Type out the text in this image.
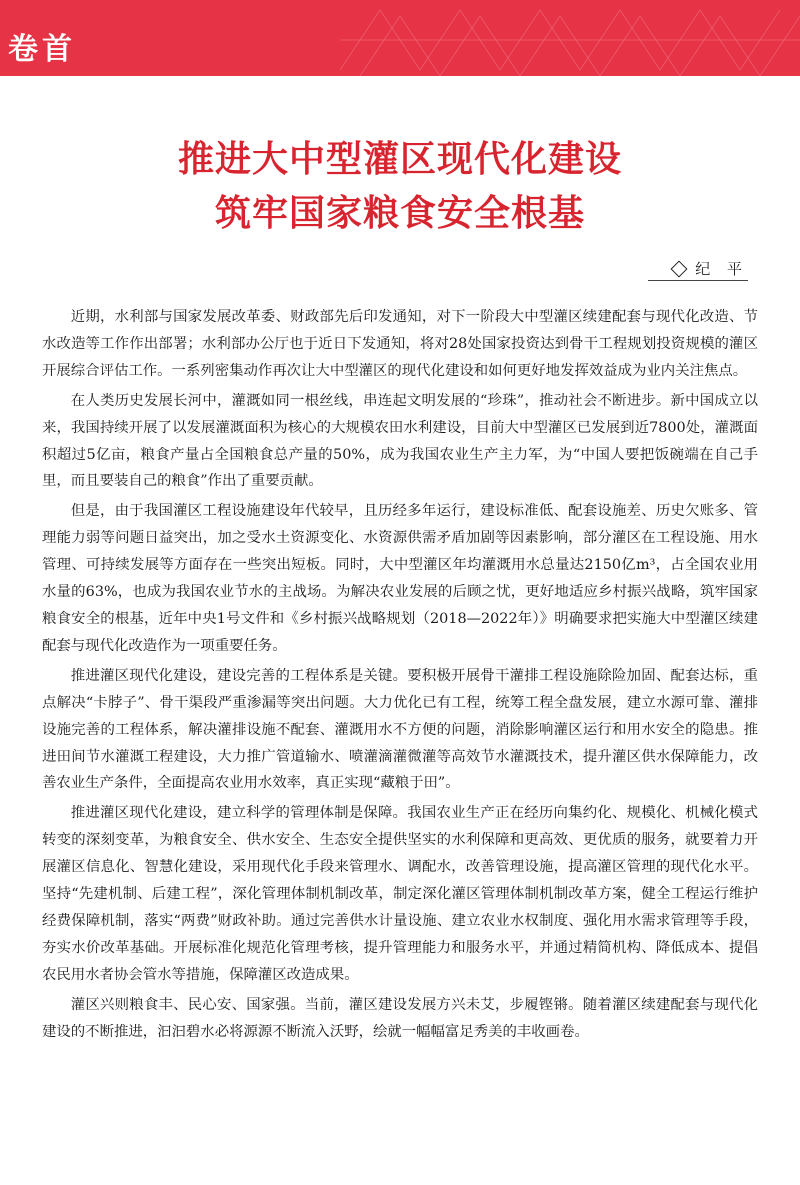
卷首
推进大中型灌区现代化建设
筑牢国家粮食安全根基
纪 平

近期，水利部与国家发展改革委、财政部先后印发通知，对下一阶段大中型灌区续建配套与现代化改造、节水改造等工作作出部署；水利部办公厅也于近日下发通知，将对28处国家投资达到骨干工程规划投资规模的灌区开展综合评估工作。一系列密集动作再次让大中型灌区的现代化建设和如何更好地发挥效益成为业内关注焦点。

在人类历史发展长河中，灌溉如同一根丝线，串连起文明发展的“珍珠”，推动社会不断进步。新中国成立以来，我国持续开展了以发展灌溉面积为核心的大规模农田水利建设，目前大中型灌区已发展到近7800处，灌溉面积超过5亿亩，粮食产量占全国粮食总产量的50%，成为我国农业生产主力军，为“中国人要把饭碗端在自己手里，而且要装自己的粮食”作出了重要贡献。

但是，由于我国灌区工程设施建设年代较早，且历经多年运行，建设标准低、配套设施差、历史欠账多、管理能力弱等问题日益突出，加之受水土资源变化、水资源供需矛盾加剧等因素影响，部分灌区在工程设施、用水管理、可持续发展等方面存在一些突出短板。同时，大中型灌区年均灌溉用水总量达2150亿m³，占全国农业用水量的63%，也成为我国农业节水的主战场。为解决农业发展的后顾之忧，更好地适应乡村振兴战略，筑牢国家粮食安全的根基，近年中央1号文件和《乡村振兴战略规划（2018—2022年）》明确要求把实施大中型灌区续建配套与现代化改造作为一项重要任务。

推进灌区现代化建设，建设完善的工程体系是关键。要积极开展骨干灌排工程设施除险加固、配套达标，重点解决“卡脖子”、骨干渠段严重渗漏等突出问题。大力优化已有工程，统筹工程全盘发展，建立水源可靠、灌排设施完善的工程体系，解决灌排设施不配套、灌溉用水不方便的问题，消除影响灌区运行和用水安全的隐患。推进田间节水灌溉工程建设，大力推广管道输水、喷灌滴灌微灌等高效节水灌溉技术，提升灌区供水保障能力，改善农业生产条件，全面提高农业用水效率，真正实现“藏粮于田”。

推进灌区现代化建设，建立科学的管理体制是保障。我国农业生产正在经历向集约化、规模化、机械化模式转变的深刻变革，为粮食安全、供水安全、生态安全提供坚实的水利保障和更高效、更优质的服务，就要着力开展灌区信息化、智慧化建设，采用现代化手段来管理水、调配水，改善管理设施，提高灌区管理的现代化水平。坚持“先建机制、后建工程”，深化管理体制机制改革，制定深化灌区管理体制机制改革方案，健全工程运行维护经费保障机制，落实“两费”财政补助。通过完善供水计量设施、建立农业水权制度、强化用水需求管理等手段，夯实水价改革基础。开展标准化规范化管理考核，提升管理能力和服务水平，并通过精简机构、降低成本、提倡农民用水者协会管水等措施，保障灌区改造成果。

灌区兴则粮食丰、民心安、国家强。当前，灌区建设发展方兴未艾，步履铿锵。随着灌区续建配套与现代化建设的不断推进，汩汩碧水必将源源不断流入沃野，绘就一幅幅富足秀美的丰收画卷。
